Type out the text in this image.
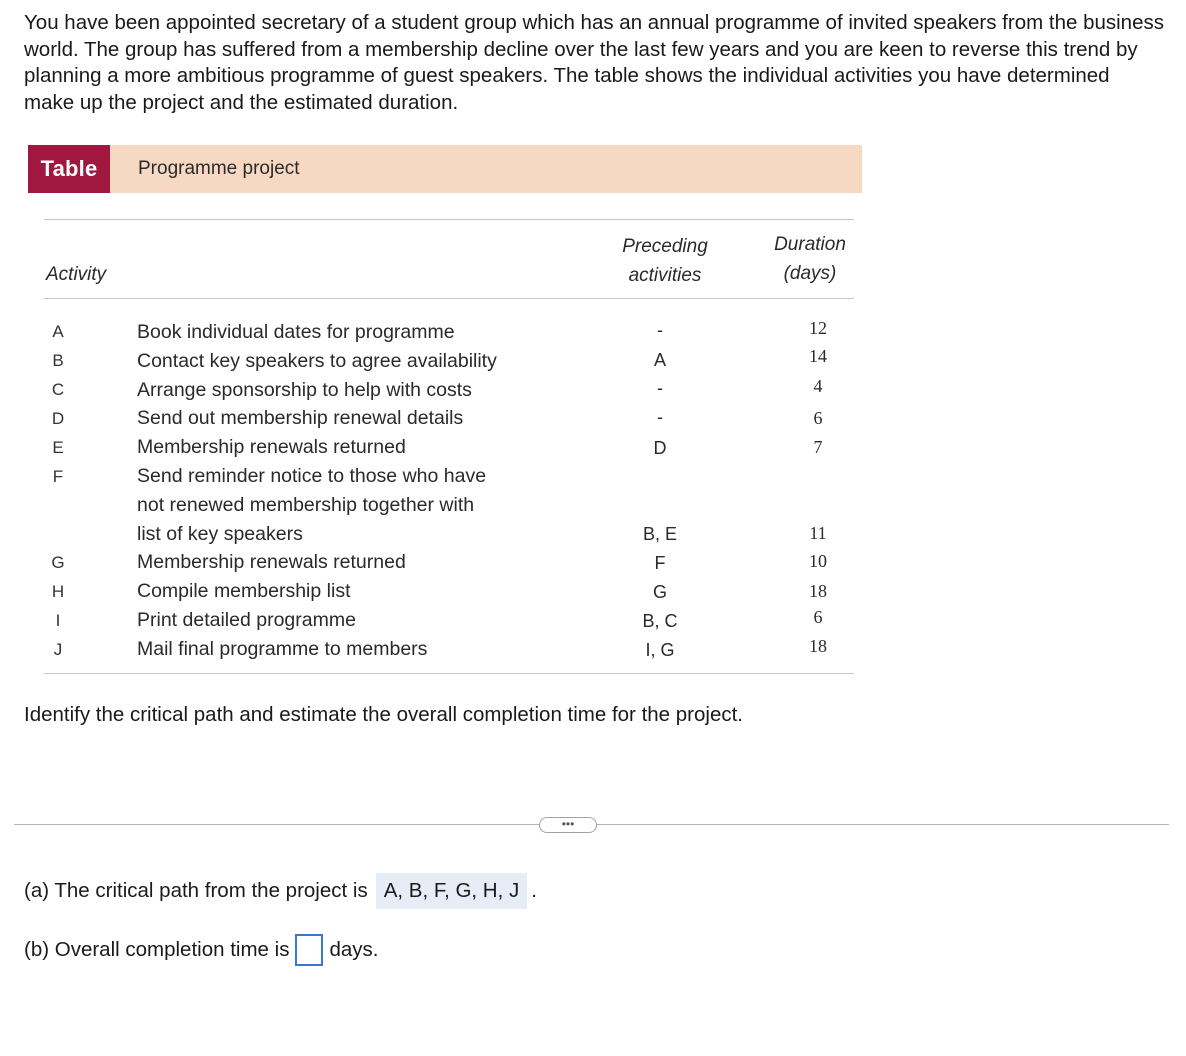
You have been appointed secretary of a student group which has an annual programme of invited speakers from the business world. The group has suffered from a membership decline over the last few years and you are keen to reverse this trend by planning a more ambitious programme of guest speakers. The table shows the individual activities you have determined make up the project and the estimated duration.

Table	Programme project
Activity
Preceding
activities
Duration
(days)
A
B
C
D
E
F
G
H
I
J
Book individual dates for programme
Contact key speakers to agree availability
Arrange sponsorship to help with costs
Send out membership renewal details
Membership renewals returned
Send reminder notice to those who have
not renewed membership together with
list of key speakers
Membership renewals returned
Compile membership list
Print detailed programme
Mail final programme to members
-
A
-
-
D
B, E
F
G
B, C
I, G
12
14
4
6
7
11
10
18
6
18
Identify the critical path and estimate the overall completion time for the project.
•••
(a) The critical path from the project is A, B, F, G, H, J .
(b) Overall completion time is days.
